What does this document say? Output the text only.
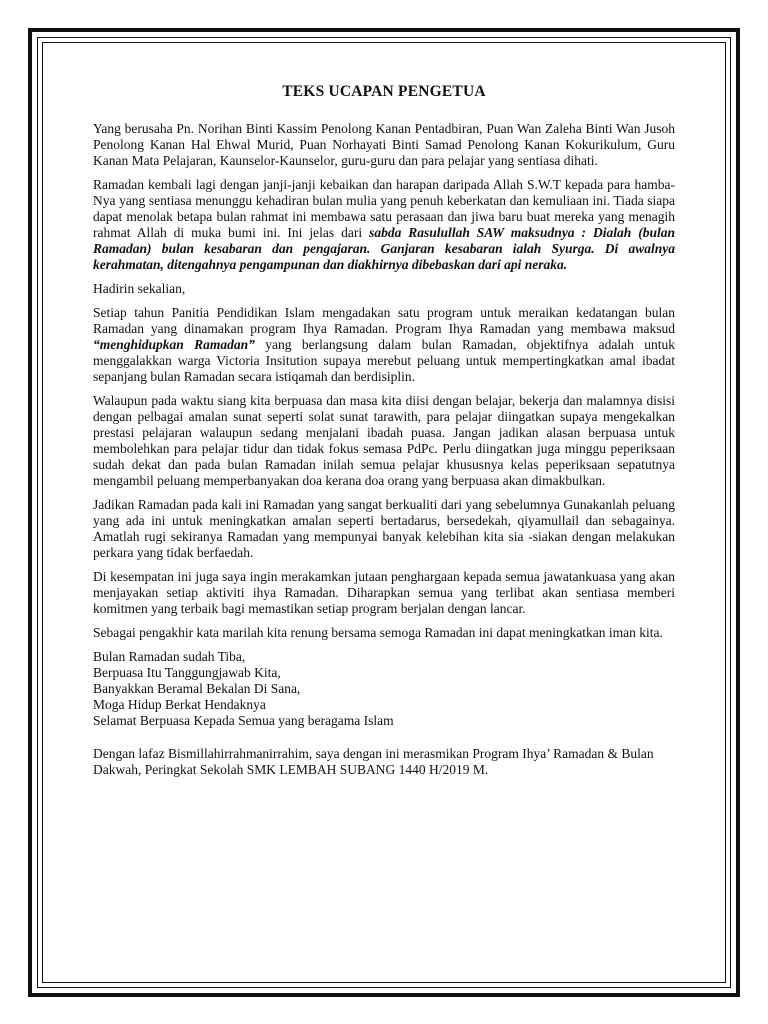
TEKS UCAPAN PENGETUA

Yang berusaha Pn. Norihan Binti Kassim Penolong Kanan Pentadbiran, Puan Wan Zaleha Binti Wan Jusoh Penolong Kanan Hal Ehwal Murid, Puan Norhayati Binti Samad Penolong Kanan Kokurikulum, Guru Kanan Mata Pelajaran, Kaunselor-Kaunselor, guru-guru dan para pelajar yang sentiasa dihati.

Ramadan kembali lagi dengan janji-janji kebaikan dan harapan daripada Allah S.W.T kepada para hamba-Nya yang sentiasa menunggu kehadiran bulan mulia yang penuh keberkatan dan kemuliaan ini. Tiada siapa dapat menolak betapa bulan rahmat ini membawa satu perasaan dan jiwa baru buat mereka yang menagih rahmat Allah di muka bumi ini. Ini jelas dari sabda Rasulullah SAW maksudnya : Dialah (bulan Ramadan) bulan kesabaran dan pengajaran. Ganjaran kesabaran ialah Syurga. Di awalnya kerahmatan, ditengahnya pengampunan dan diakhirnya dibebaskan dari api neraka.

Hadirin sekalian,

Setiap tahun Panitia Pendidikan Islam mengadakan satu program untuk meraikan kedatangan bulan Ramadan yang dinamakan program Ihya Ramadan. Program Ihya Ramadan yang membawa maksud “menghidupkan Ramadan” yang berlangsung dalam bulan Ramadan, objektifnya adalah untuk menggalakkan warga Victoria Insitution supaya merebut peluang untuk mempertingkatkan amal ibadat sepanjang bulan Ramadan secara istiqamah dan berdisiplin.

Walaupun pada waktu siang kita berpuasa dan masa kita diisi dengan belajar, bekerja dan malamnya disisi dengan pelbagai amalan sunat seperti solat sunat tarawith, para pelajar diingatkan supaya mengekalkan prestasi pelajaran walaupun sedang menjalani ibadah puasa. Jangan jadikan alasan berpuasa untuk membolehkan para pelajar tidur dan tidak fokus semasa PdPc. Perlu diingatkan juga minggu peperiksaan sudah dekat dan pada bulan Ramadan inilah semua pelajar khususnya kelas peperiksaan sepatutnya mengambil peluang memperbanyakan doa kerana doa orang yang berpuasa akan dimakbulkan.

Jadikan Ramadan pada kali ini Ramadan yang sangat berkualiti dari yang sebelumnya Gunakanlah peluang yang ada ini untuk meningkatkan amalan seperti bertadarus, bersedekah, qiyamullail dan sebagainya. Amatlah rugi sekiranya Ramadan yang mempunyai banyak kelebihan kita sia -siakan dengan melakukan perkara yang tidak berfaedah.

Di kesempatan ini juga saya ingin merakamkan jutaan penghargaan kepada semua jawatankuasa yang akan menjayakan setiap aktiviti ihya Ramadan. Diharapkan semua yang terlibat akan sentiasa memberi komitmen yang terbaik bagi memastikan setiap program berjalan dengan lancar.

Sebagai pengakhir kata marilah kita renung bersama semoga Ramadan ini dapat meningkatkan iman kita.

Bulan Ramadan sudah Tiba,
Berpuasa Itu Tanggungjawab Kita,
Banyakkan Beramal Bekalan Di Sana,
Moga Hidup Berkat Hendaknya
Selamat Berpuasa Kepada Semua yang beragama Islam

Dengan lafaz Bismillahirrahmanirrahim, saya dengan ini merasmikan Program Ihya’ Ramadan & Bulan Dakwah, Peringkat Sekolah SMK LEMBAH SUBANG 1440 H/2019 M.
